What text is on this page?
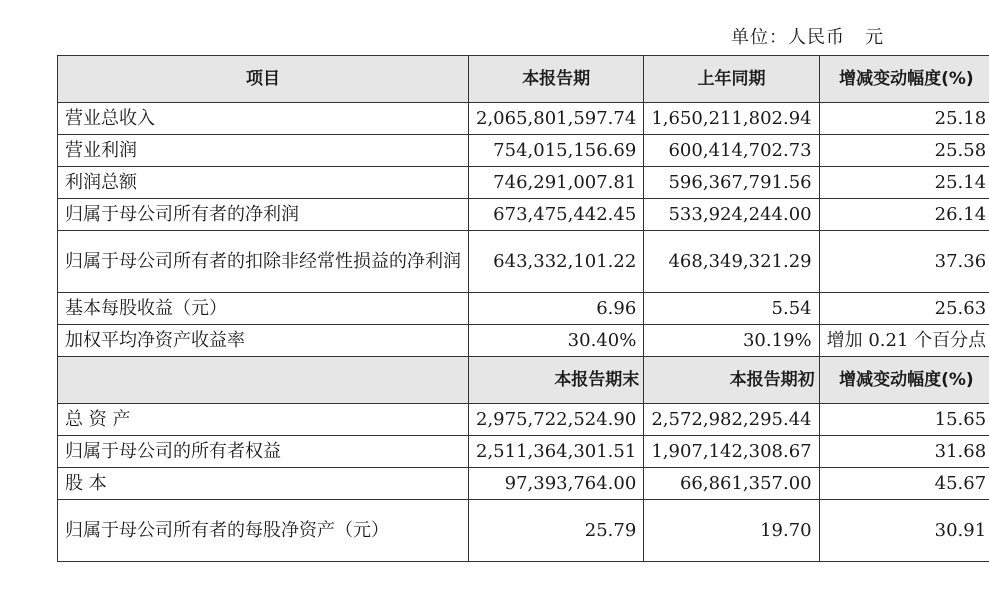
单位：人民币   元
项目	本报告期	上年同期	增减变动幅度(%)
营业总收入	2,065,801,597.74	1,650,211,802.94	25.18
营业利润	754,015,156.69	600,414,702.73	25.58
利润总额	746,291,007.81	596,367,791.56	25.14
归属于母公司所有者的净利润	673,475,442.45	533,924,244.00	26.14
归属于母公司所有者的扣除非经常性损益的净利润	643,332,101.22	468,349,321.29	37.36
基本每股收益（元）	6.96	5.54	25.63
加权平均净资产收益率	30.40%	30.19%	增加 0.21 个百分点
	本报告期末	本报告期初	增减变动幅度(%)
总 资 产	2,975,722,524.90	2,572,982,295.44	15.65
归属于母公司的所有者权益	2,511,364,301.51	1,907,142,308.67	31.68
股 本	97,393,764.00	66,861,357.00	45.67
归属于母公司所有者的每股净资产（元）	25.79	19.70	30.91
